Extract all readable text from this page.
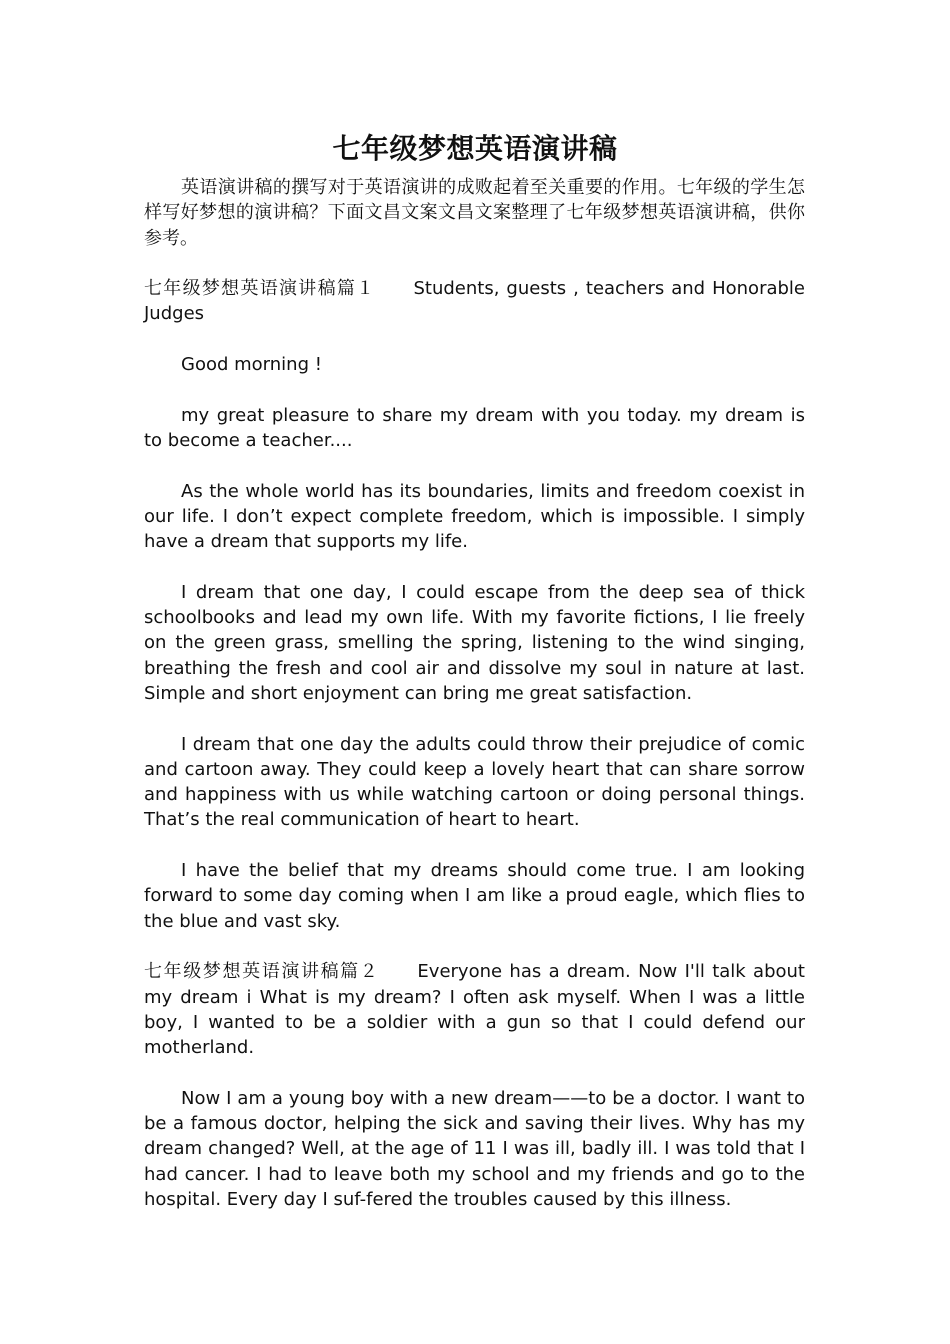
七年级梦想英语演讲稿

英语演讲稿的撰写对于英语演讲的成败起着至关重要的作用。七年级的学生怎样写好梦想的演讲稿？下面文昌文案文昌文案整理了七年级梦想英语演讲稿，供你参考。

七年级梦想英语演讲稿篇１ Students, guests , teachers and Honorable Judges

Good morning !

my great pleasure to share my dream with you today. my dream is to become a teacher....

As the whole world has its boundaries, limits and freedom coexist in our life. I don’t expect complete freedom, which is impossible. I simply have a dream that supports my life.

I dream that one day, I could escape from the deep sea of thick schoolbooks and lead my own life. With my favorite fictions, I lie freely on the green grass, smelling the spring, listening to the wind singing, breathing the fresh and cool air and dissolve my soul in nature at last. Simple and short enjoyment can bring me great satisfaction.

I dream that one day the adults could throw their prejudice of comic and cartoon away. They could keep a lovely heart that can share sorrow and happiness with us while watching cartoon or doing personal things. That’s the real communication of heart to heart.

I have the belief that my dreams should come true. I am looking forward to some day coming when I am like a proud eagle, which flies to the blue and vast sky.

七年级梦想英语演讲稿篇２ Everyone has a dream. Now I'll talk about my dream i What is my dream? I often ask myself. When I was a little boy, I wanted to be a soldier with a gun so that I could defend our motherland.

Now I am a young boy with a new dream——to be a doctor. I want to be a famous doctor, helping the sick and saving their lives. Why has my dream changed? Well, at the age of 11 I was ill, badly ill. I was told that I had cancer. I had to leave both my school and my friends and go to the hospital. Every day I suf-fered the troubles caused by this illness.
